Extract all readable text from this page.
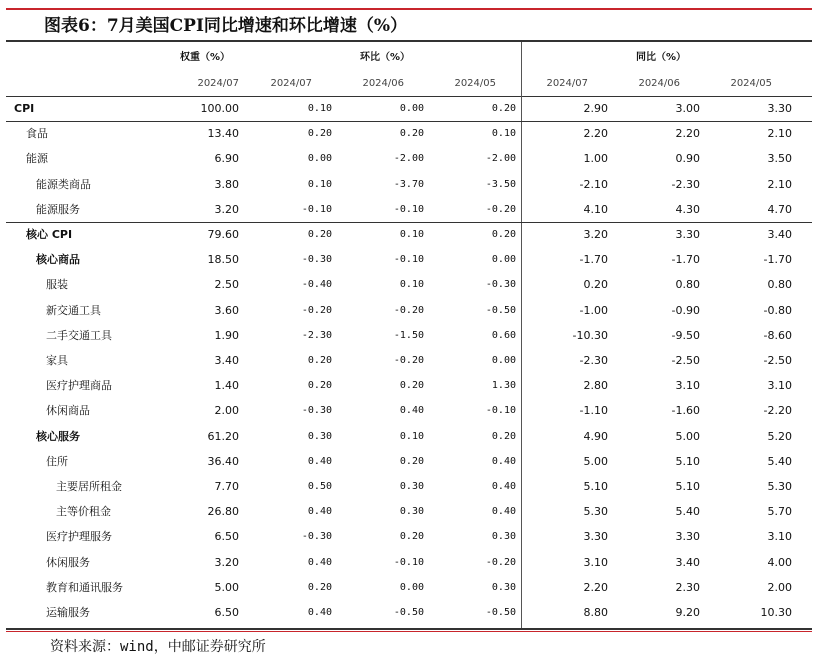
图表6：7月美国CPI同比增速和环比增速（%）
权重（%）	环比（%）	同比（%）
2024/07	2024/07	2024/06	2024/05	2024/07	2024/06	2024/05
CPI	100.00	0.10	0.00	0.20	2.90	3.00	3.30
食品	13.40	0.20	0.20	0.10	2.20	2.20	2.10
能源	6.90	0.00	-2.00	-2.00	1.00	0.90	3.50
能源类商品	3.80	0.10	-3.70	-3.50	-2.10	-2.30	2.10
能源服务	3.20	-0.10	-0.10	-0.20	4.10	4.30	4.70
核心 CPI	79.60	0.20	0.10	0.20	3.20	3.30	3.40
核心商品	18.50	-0.30	-0.10	0.00	-1.70	-1.70	-1.70
服装	2.50	-0.40	0.10	-0.30	0.20	0.80	0.80
新交通工具	3.60	-0.20	-0.20	-0.50	-1.00	-0.90	-0.80
二手交通工具	1.90	-2.30	-1.50	0.60	-10.30	-9.50	-8.60
家具	3.40	0.20	-0.20	0.00	-2.30	-2.50	-2.50
医疗护理商品	1.40	0.20	0.20	1.30	2.80	3.10	3.10
休闲商品	2.00	-0.30	0.40	-0.10	-1.10	-1.60	-2.20
核心服务	61.20	0.30	0.10	0.20	4.90	5.00	5.20
住所	36.40	0.40	0.20	0.40	5.00	5.10	5.40
主要居所租金	7.70	0.50	0.30	0.40	5.10	5.10	5.30
主等价租金	26.80	0.40	0.30	0.40	5.30	5.40	5.70
医疗护理服务	6.50	-0.30	0.20	0.30	3.30	3.30	3.10
休闲服务	3.20	0.40	-0.10	-0.20	3.10	3.40	4.00
教育和通讯服务	5.00	0.20	0.00	0.30	2.20	2.30	2.00
运输服务	6.50	0.40	-0.50	-0.50	8.80	9.20	10.30
资料来源：wind，中邮证券研究所
